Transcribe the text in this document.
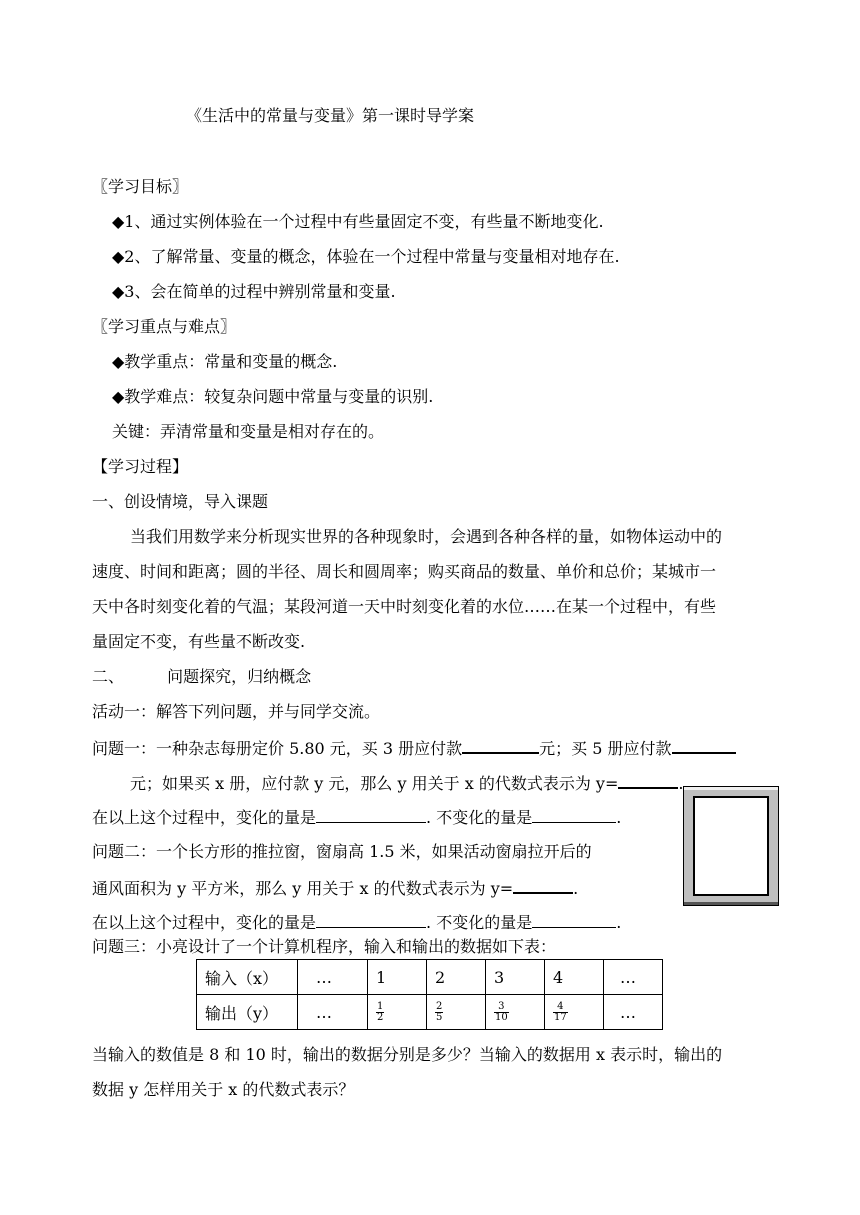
《生活中的常量与变量》第一课时导学案
〖学习目标〗
◆1、通过实例体验在一个过程中有些量固定不变，有些量不断地变化.
◆2、了解常量、变量的概念，体验在一个过程中常量与变量相对地存在.
◆3、会在简单的过程中辨别常量和变量.
〖学习重点与难点〗
◆教学重点：常量和变量的概念.
◆教学难点：较复杂问题中常量与变量的识别.
关键：弄清常量和变量是相对存在的。
【学习过程】
一、创设情境，导入课题
当我们用数学来分析现实世界的各种现象时，会遇到各种各样的量，如物体运动中的
速度、时间和距离；圆的半径、周长和圆周率；购买商品的数量、单价和总价；某城市一
天中各时刻变化着的气温；某段河道一天中时刻变化着的水位……在某一个过程中，有些
量固定不变，有些量不断改变.
二、	问题探究，归纳概念
活动一：解答下列问题，并与同学交流。
问题一：一种杂志每册定价 5.80 元，买 3 册应付款	元；买 5 册应付款
元；如果买 x 册，应付款 y 元，那么 y 用关于 x 的代数式表示为 y=	.
在以上这个过程中，变化的量是	. 不变化的量是	.
问题二：一个长方形的推拉窗，窗扇高 1.5 米，如果活动窗扇拉开后的
通风面积为 y 平方米，那么 y 用关于 x 的代数式表示为 y=	.
在以上这个过程中，变化的量是	. 不变化的量是	.
问题三：小亮设计了一个计算机程序，输入和输出的数据如下表：
输入（x）	…	1	2	3	4	…
输出（y）	…	$\frac{1}{2}$	$\frac{2}{5}$	$\frac{3}{10}$	$\frac{4}{17}$	…
当输入的数值是 8 和 10 时，输出的数据分别是多少？当输入的数据用 x 表示时，输出的
数据 y 怎样用关于 x 的代数式表示？
